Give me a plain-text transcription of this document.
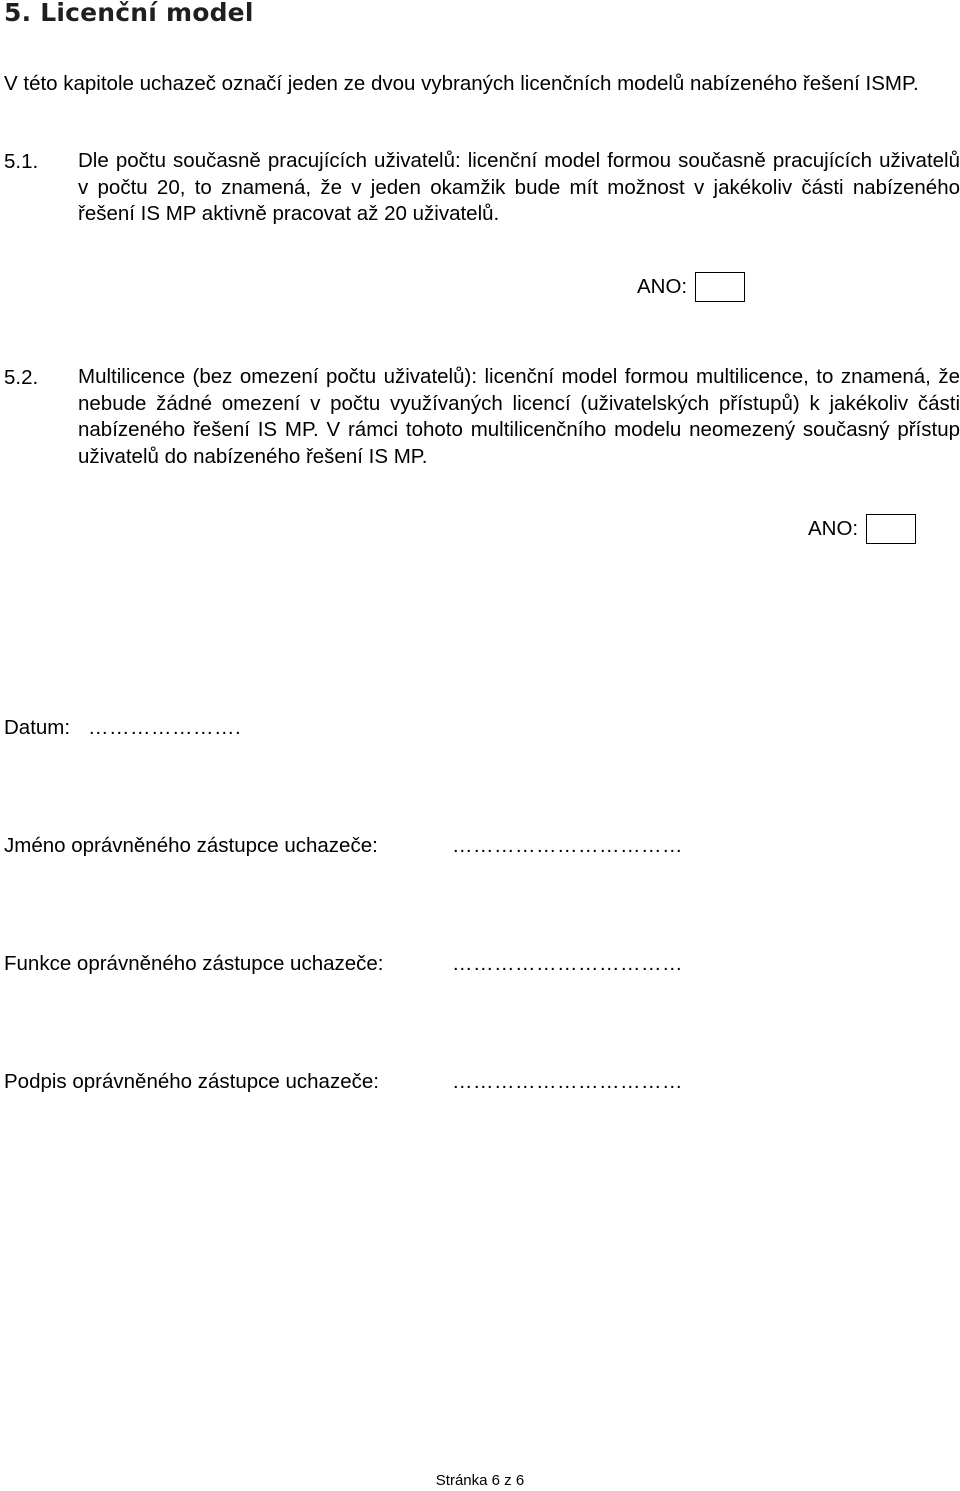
5. Licenční model
V této kapitole uchazeč označí jeden ze dvou vybraných licenčních modelů nabízeného řešení ISMP.
5.1. Dle počtu současně pracujících uživatelů: licenční model formou současně pracujících uživatelů v počtu 20, to znamená, že v jeden okamžik bude mít možnost v jakékoliv části nabízeného řešení IS MP aktivně pracovat až 20 uživatelů.
ANO:
5.2. Multilicence (bez omezení počtu uživatelů): licenční model formou multilicence, to znamená, že nebude žádné omezení v počtu využívaných licencí (uživatelských přístupů) k jakékoliv části nabízeného řešení IS MP. V rámci tohoto multilicenčního modelu neomezený současný přístup uživatelů do nabízeného řešení IS MP.
ANO:
Datum: ………………….
Jméno oprávněného zástupce uchazeče:	……………………………
Funkce oprávněného zástupce uchazeče:	……………………………
Podpis oprávněného zástupce uchazeče:	……………………………
Stránka 6 z 6
